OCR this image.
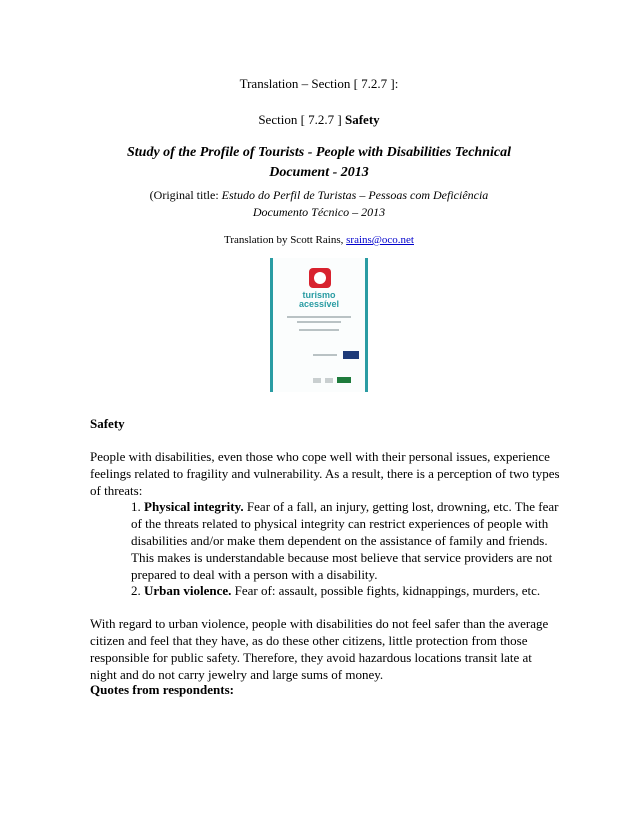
Translation – Section [ 7.2.7 ]:
Section [ 7.2.7 ] Safety
Study of the Profile of Tourists - People with Disabilities Technical
Document - 2013
(Original title: Estudo do Perfil de Turistas – Pessoas com Deficiência
Documento Técnico – 2013
Translation by Scott Rains, srains@oco.net
turismo
acessível
Safety
People with disabilities, even those who cope well with their personal issues, experience feelings related to fragility and vulnerability. As a result, there is a perception of two types of threats:
1. Physical integrity. Fear of a fall, an injury, getting lost, drowning, etc. The fear of the threats related to physical integrity can restrict experiences of people with disabilities and/or make them dependent on the assistance of family and friends. This makes is understandable because most believe that service providers are not prepared to deal with a person with a disability.
2. Urban violence. Fear of: assault, possible fights, kidnappings, murders, etc.
With regard to urban violence, people with disabilities do not feel safer than the average citizen and feel that they have, as do these other citizens, little protection from those responsible for public safety. Therefore, they avoid hazardous locations transit late at night and do not carry jewelry and large sums of money.
Quotes from respondents:
